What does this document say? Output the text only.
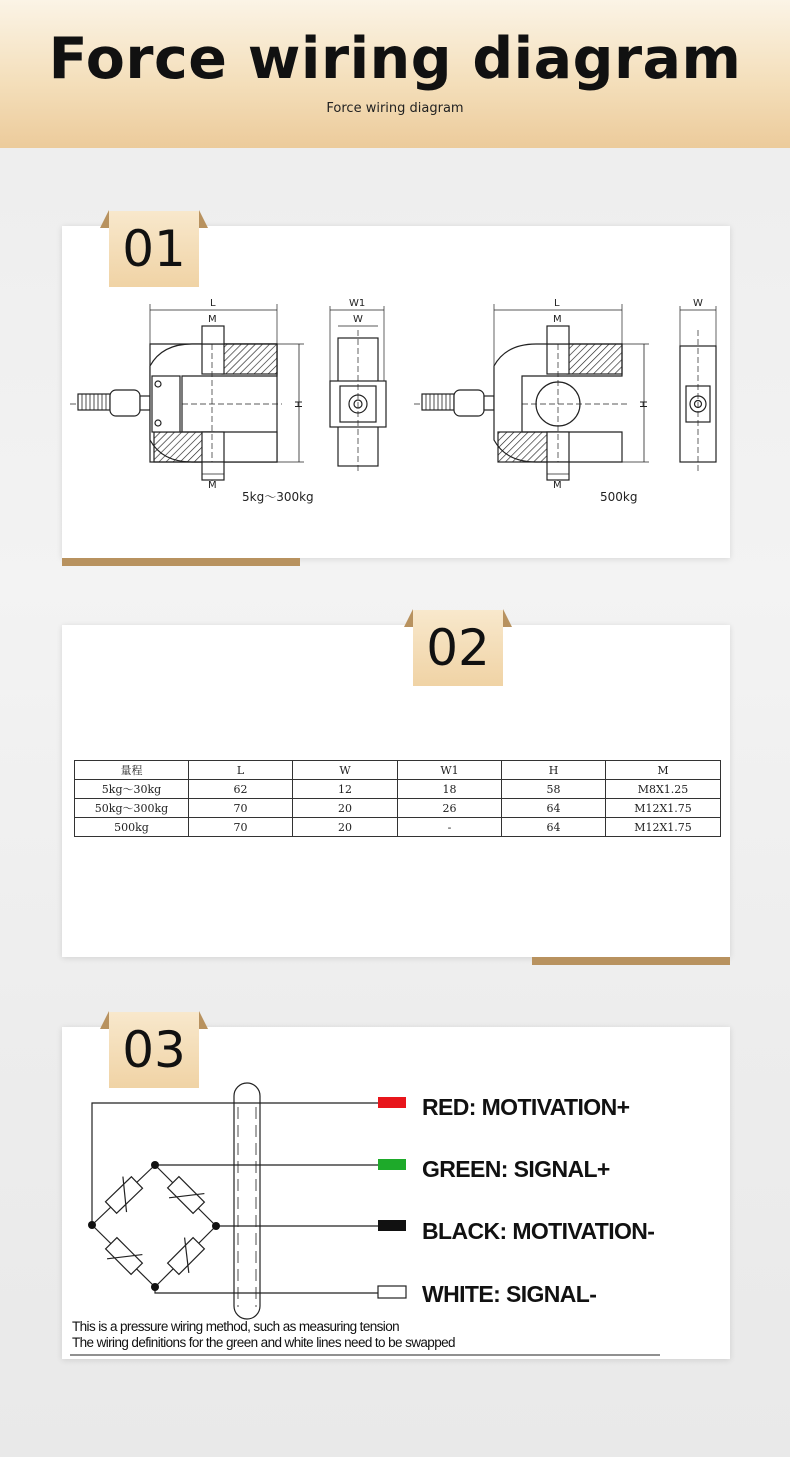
Force wiring diagram
Force wiring diagram
L
M
H
M
W1
W
L
M
H
M
W
5kg～300kg	500kg
01
量程	L	W	W1	H	M
5kg～30kg	62	12	18	58	M8X1.25
50kg～300kg	70	20	26	64	M12X1.75
500kg	70	20	-	64	M12X1.75
02
RED: MOTIVATION+
GREEN: SIGNAL+
BLACK: MOTIVATION-
WHITE: SIGNAL-
This is a pressure wiring method, such as measuring tension
The wiring definitions for the green and white lines need to be swapped
03
